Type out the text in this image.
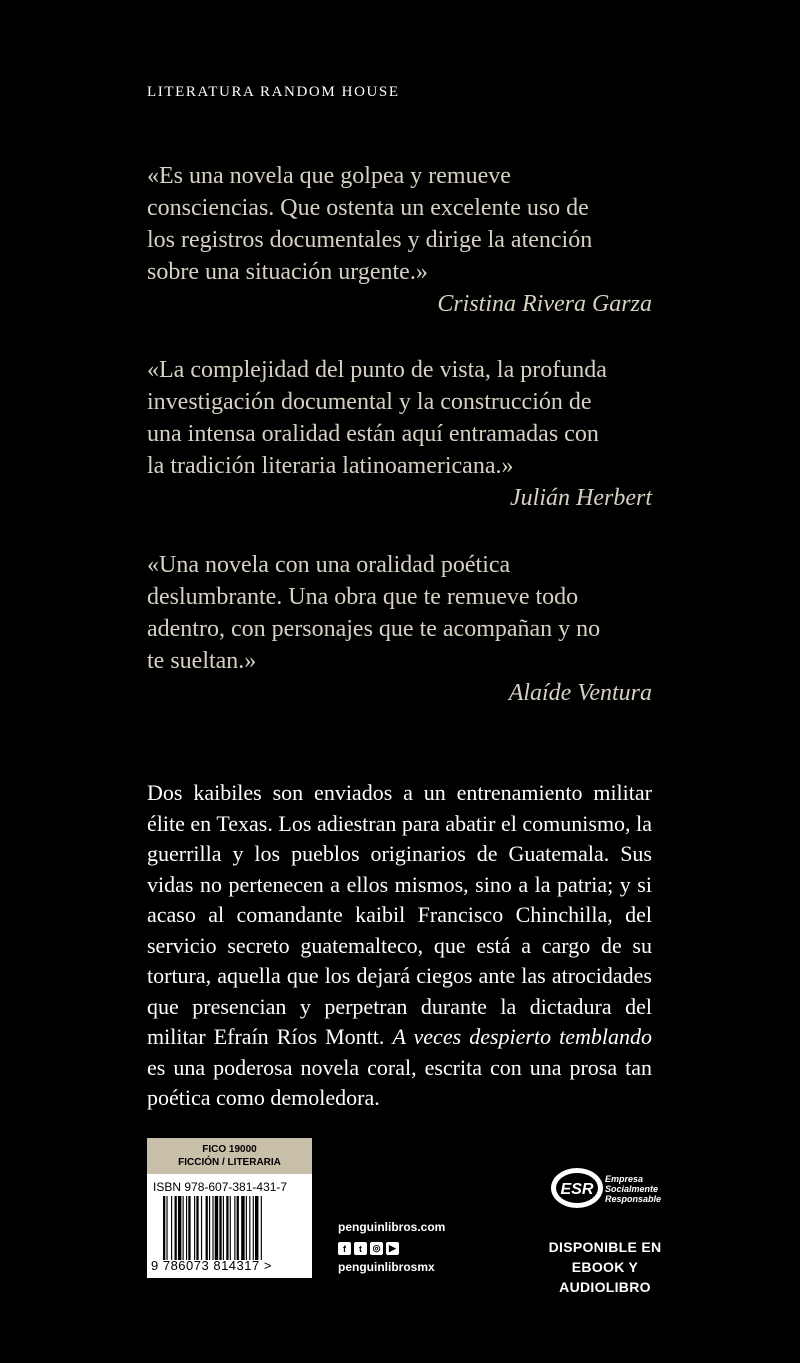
LITERATURA RANDOM HOUSE

«Es una novela que golpea y remueve
consciencias. Que ostenta un excelente uso de
los registros documentales y dirige la atención
sobre una situación urgente.»

Cristina Rivera Garza

«La complejidad del punto de vista, la profunda
investigación documental y la construcción de
una intensa oralidad están aquí entramadas con
la tradición literaria latinoamericana.»

Julián Herbert

«Una novela con una oralidad poética
deslumbrante. Una obra que te remueve todo
adentro, con personajes que te acompañan y no
te sueltan.»

Alaíde Ventura

Dos kaibiles son enviados a un entrenamiento militar élite en Texas. Los adiestran para abatir el comunismo, la guerrilla y los pueblos originarios de Guatemala. Sus vidas no pertenecen a ellos mismos, sino a la patria; y si acaso al comandante kaibil Francisco Chinchilla, del servicio secreto guatemalteco, que está a cargo de su tortura, aquella que los dejará ciegos ante las atrocidades que presencian y perpetran durante la dictadura del militar Efraín Ríos Montt. A veces despierto temblando es una poderosa novela coral, escrita con una prosa tan poética como demoledora.

FICO 19000
FICCIÓN / LITERARIA
ISBN 978-607-381-431-7
9 786073 814317 >
penguinlibros.com
f	t	◎ ▶
penguinlibrosmx
ESR
Empresa
Socialmente
Responsable
DISPONIBLE EN
EBOOK Y AUDIOLIBRO
